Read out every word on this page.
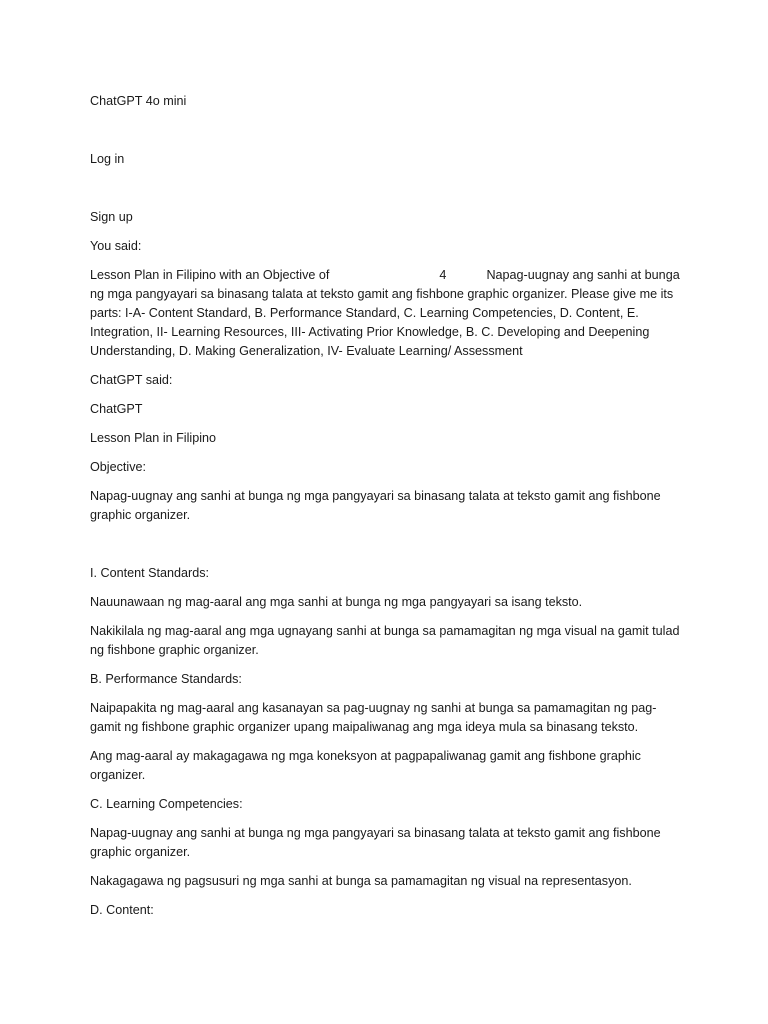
ChatGPT 4o mini

Log in

Sign up

You said:

Lesson Plan in Filipino with an Objective of	4	Napag-uugnay ang sanhi at bunga ng mga pangyayari sa binasang talata at teksto gamit ang fishbone graphic organizer. Please give me its parts: I-A- Content Standard, B. Performance Standard, C. Learning Competencies, D. Content, E. Integration, II- Learning Resources, III- Activating Prior Knowledge, B. C. Developing and Deepening Understanding, D. Making Generalization, IV- Evaluate Learning/ Assessment

ChatGPT said:

ChatGPT

Lesson Plan in Filipino

Objective:

Napag-uugnay ang sanhi at bunga ng mga pangyayari sa binasang talata at teksto gamit ang fishbone graphic organizer.

I. Content Standards:

Nauunawaan ng mag-aaral ang mga sanhi at bunga ng mga pangyayari sa isang teksto.

Nakikilala ng mag-aaral ang mga ugnayang sanhi at bunga sa pamamagitan ng mga visual na gamit tulad ng fishbone graphic organizer.

B. Performance Standards:

Naipapakita ng mag-aaral ang kasanayan sa pag-uugnay ng sanhi at bunga sa pamamagitan ng pag-gamit ng fishbone graphic organizer upang maipaliwanag ang mga ideya mula sa binasang teksto.

Ang mag-aaral ay makagagawa ng mga koneksyon at pagpapaliwanag gamit ang fishbone graphic organizer.

C. Learning Competencies:

Napag-uugnay ang sanhi at bunga ng mga pangyayari sa binasang talata at teksto gamit ang fishbone graphic organizer.

Nakagagawa ng pagsusuri ng mga sanhi at bunga sa pamamagitan ng visual na representasyon.

D. Content:
